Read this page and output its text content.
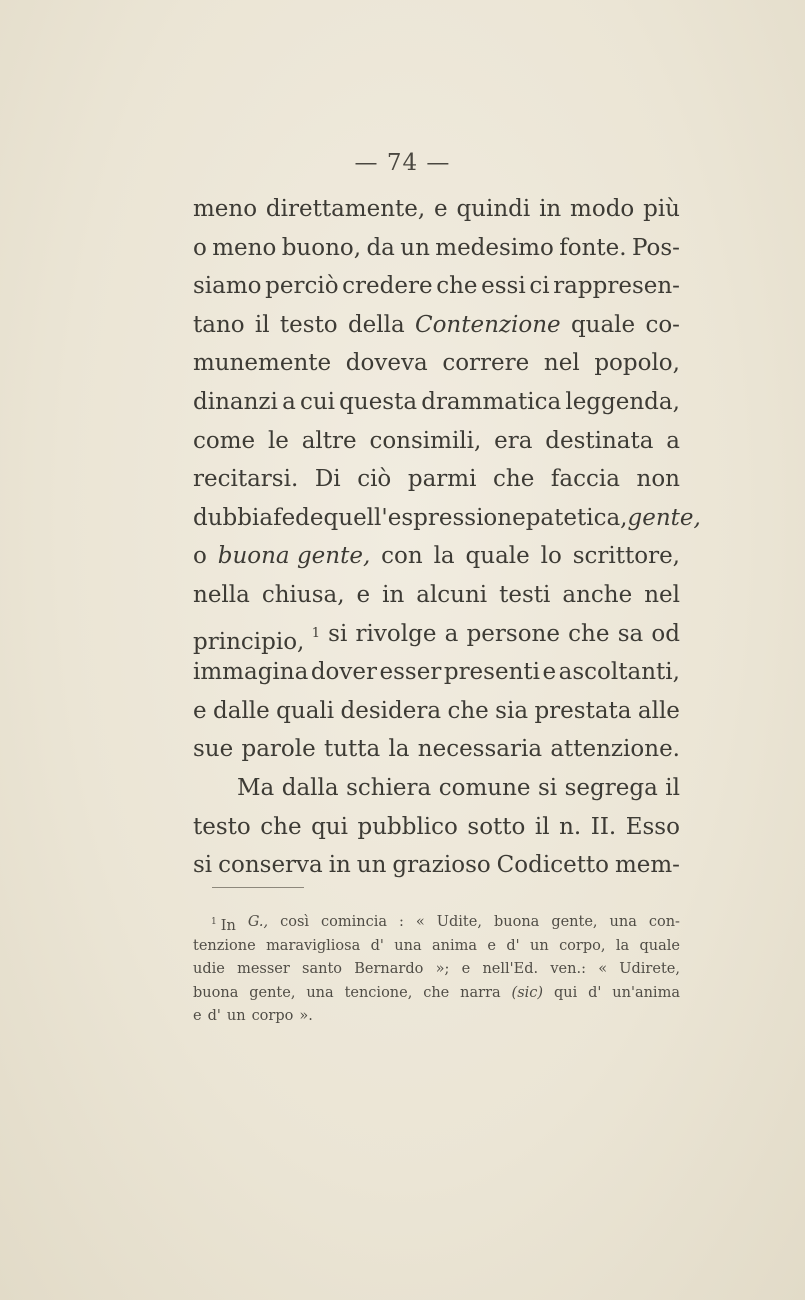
— 74 —
meno direttamente, e quindi in modo più
o meno buono, da un medesimo fonte. Pos-
siamo perciò credere che essi ci rappresen-
tano il testo della Contenzione quale co-
munemente doveva correre nel popolo,
dinanzi a cui questa drammatica leggenda,
come le altre consimili, era destinata a
recitarsi. Di ciò parmi che faccia non
dubbia fede quell'espressione patetica, gente,
o buona gente, con la quale lo scrittore,
nella chiusa, e in alcuni testi anche nel
principio, $^1$ si rivolge a persone che sa od
immagina dover esser presenti e ascoltanti,
e dalle quali desidera che sia prestata alle
sue parole tutta la necessaria attenzione.
Ma dalla schiera comune si segrega il
testo che qui pubblico sotto il n. II. Esso
si conserva in un grazioso Codicetto mem-
$^1$ In G., così comincia : « Udite, buona gente, una con-
tenzione maravigliosa d' una anima e d' un corpo, la quale
udie messer santo Bernardo »; e nell'Ed. ven.: « Udirete,
buona gente, una tencione, che narra (sic) qui d' un'anima
e d' un corpo ».
